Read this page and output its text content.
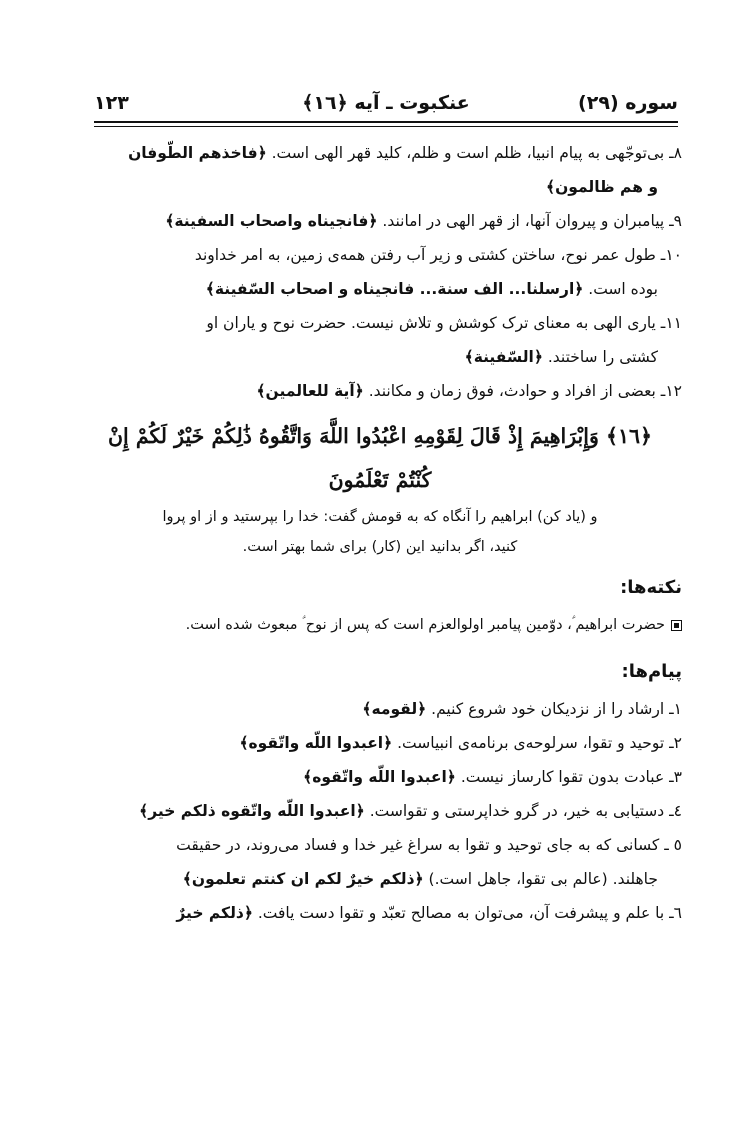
سوره (٢٩)
عنکبوت ـ آیه ﴿١٦﴾
١٢٣
٨ـ بی‌توجّهی به پیام انبیا، ظلم است و ظلم، کلید قهر الهی است. ﴿فاخذهم الطّوفان
و هم ظالمون﴾
٩ـ پیامبران و پیروان آنها، از قهر الهی در امانند. ﴿فانجیناه واصحاب السفینة﴾
١٠ـ طول عمر نوح، ساختن کشتی و زیر آب رفتن همه‌ی زمین، به امر خداوند
بوده است. ﴿ارسلنا... الف سنة... فانجیناه و اصحاب السّفینة﴾
١١ـ یاری الهی به معنای ترک کوشش و تلاش نیست. حضرت نوح و یاران او
کشتی را ساختند. ﴿السّفینة﴾
١٢ـ بعضی از افراد و حوادث، فوق زمان و مکانند. ﴿آیة للعالمین﴾
﴿١٦﴾ وَإِبْرَاهِيمَ إِذْ قَالَ لِقَوْمِهِ اعْبُدُوا اللَّهَ وَاتَّقُوهُ ذَٰلِكُمْ خَيْرٌ لَكُمْ إِنْ
كُنْتُمْ تَعْلَمُونَ
و (یاد کن) ابراهیم را آنگاه که به قومش گفت: خدا را بپرستید و از او پروا
کنید، اگر بدانید این (کار) برای شما بهتر است.
نکته‌ها:
حضرت ابراهیم ؑ، دوّمین پیامبر اولوالعزم است که پس از نوح ؑ مبعوث شده است.
پیام‌ها:
١ـ ارشاد را از نزدیکان خود شروع کنیم. ﴿لقومه﴾
٢ـ توحید و تقوا، سرلوحه‌ی برنامه‌ی انبیاست. ﴿اعبدوا اللّه واتّقوه﴾
٣ـ عبادت بدون تقوا کارساز نیست. ﴿اعبدوا اللّه واتّقوه﴾
٤ـ دستیابی به خیر، در گرو خداپرستی و تقواست. ﴿اعبدوا اللّه واتّقوه ذلکم خیر﴾
٥ ـ کسانی که به جای توحید و تقوا به سراغ غیر خدا و فساد می‌روند، در حقیقت
جاهلند. (عالم بی تقوا، جاهل است.) ﴿ذلکم خیرٌ لکم ان کنتم تعلمون﴾
٦ـ با علم و پیشرفت آن، می‌توان به مصالح تعبّد و تقوا دست یافت. ﴿ذلکم خیرٌ
